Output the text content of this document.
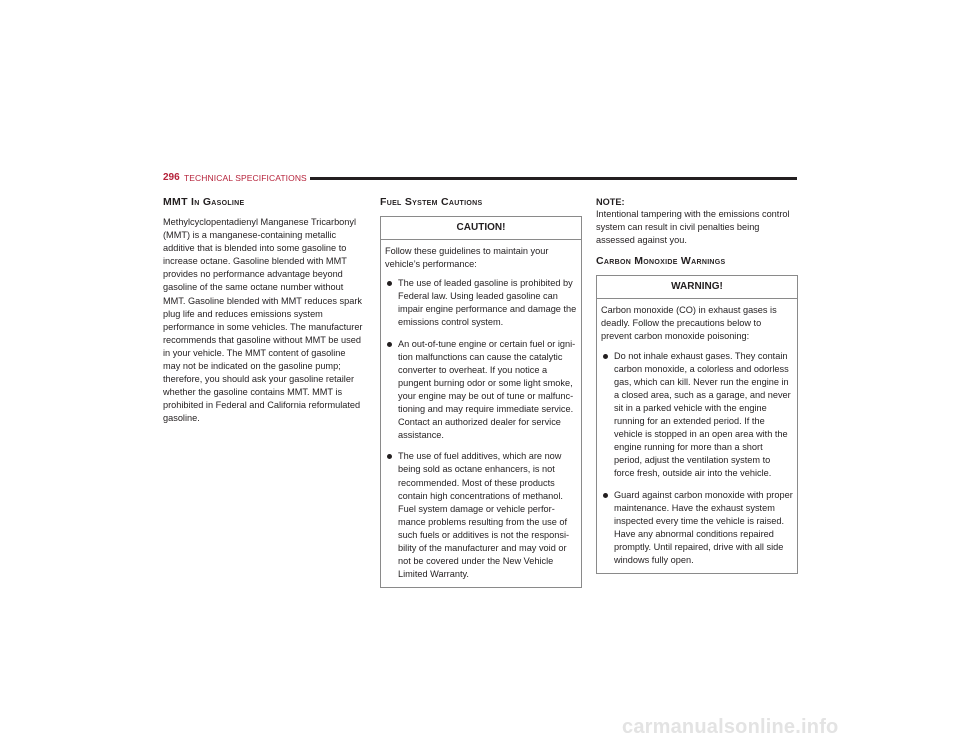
296 TECHNICAL SPECIFICATIONS
MMT In Gasoline

Methylcyclopentadienyl Manganese Tricarbonyl (MMT) is a manganese-containing metallic additive that is blended into some gasoline to increase octane. Gasoline blended with MMT provides no performance advantage beyond gasoline of the same octane number without MMT. Gasoline blended with MMT reduces spark plug life and reduces emissions system performance in some vehicles. The manufacturer recommends that gasoline without MMT be used in your vehicle. The MMT content of gasoline may not be indicated on the gasoline pump; therefore, you should ask your gasoline retailer whether the gasoline contains MMT. MMT is prohibited in Federal and California reformulated gasoline.

Fuel System Cautions
CAUTION!

Follow these guidelines to maintain your vehicle’s performance:

The use of leaded gasoline is prohibited by Federal law. Using leaded gasoline can impair engine performance and damage the emissions control system.
An out-of-tune engine or certain fuel or igni-tion malfunctions can cause the catalytic converter to overheat. If you notice a pungent burning odor or some light smoke, your engine may be out of tune or malfunc-tioning and may require immediate service. Contact an authorized dealer for service assistance.
The use of fuel additives, which are now being sold as octane enhancers, is not recommended. Most of these products contain high concentrations of methanol. Fuel system damage or vehicle perfor-mance problems resulting from the use of such fuels or additives is not the responsi-bility of the manufacturer and may void or not be covered under the New Vehicle Limited Warranty.
NOTE:

Intentional tampering with the emissions control system can result in civil penalties being assessed against you.

Carbon Monoxide Warnings
WARNING!

Carbon monoxide (CO) in exhaust gases is deadly. Follow the precautions below to prevent carbon monoxide poisoning:

Do not inhale exhaust gases. They contain carbon monoxide, a colorless and odorless gas, which can kill. Never run the engine in a closed area, such as a garage, and never sit in a parked vehicle with the engine running for an extended period. If the vehicle is stopped in an open area with the engine running for more than a short period, adjust the ventilation system to force fresh, outside air into the vehicle.
Guard against carbon monoxide with proper maintenance. Have the exhaust system inspected every time the vehicle is raised. Have any abnormal conditions repaired promptly. Until repaired, drive with all side windows fully open.
carmanualsonline.info
